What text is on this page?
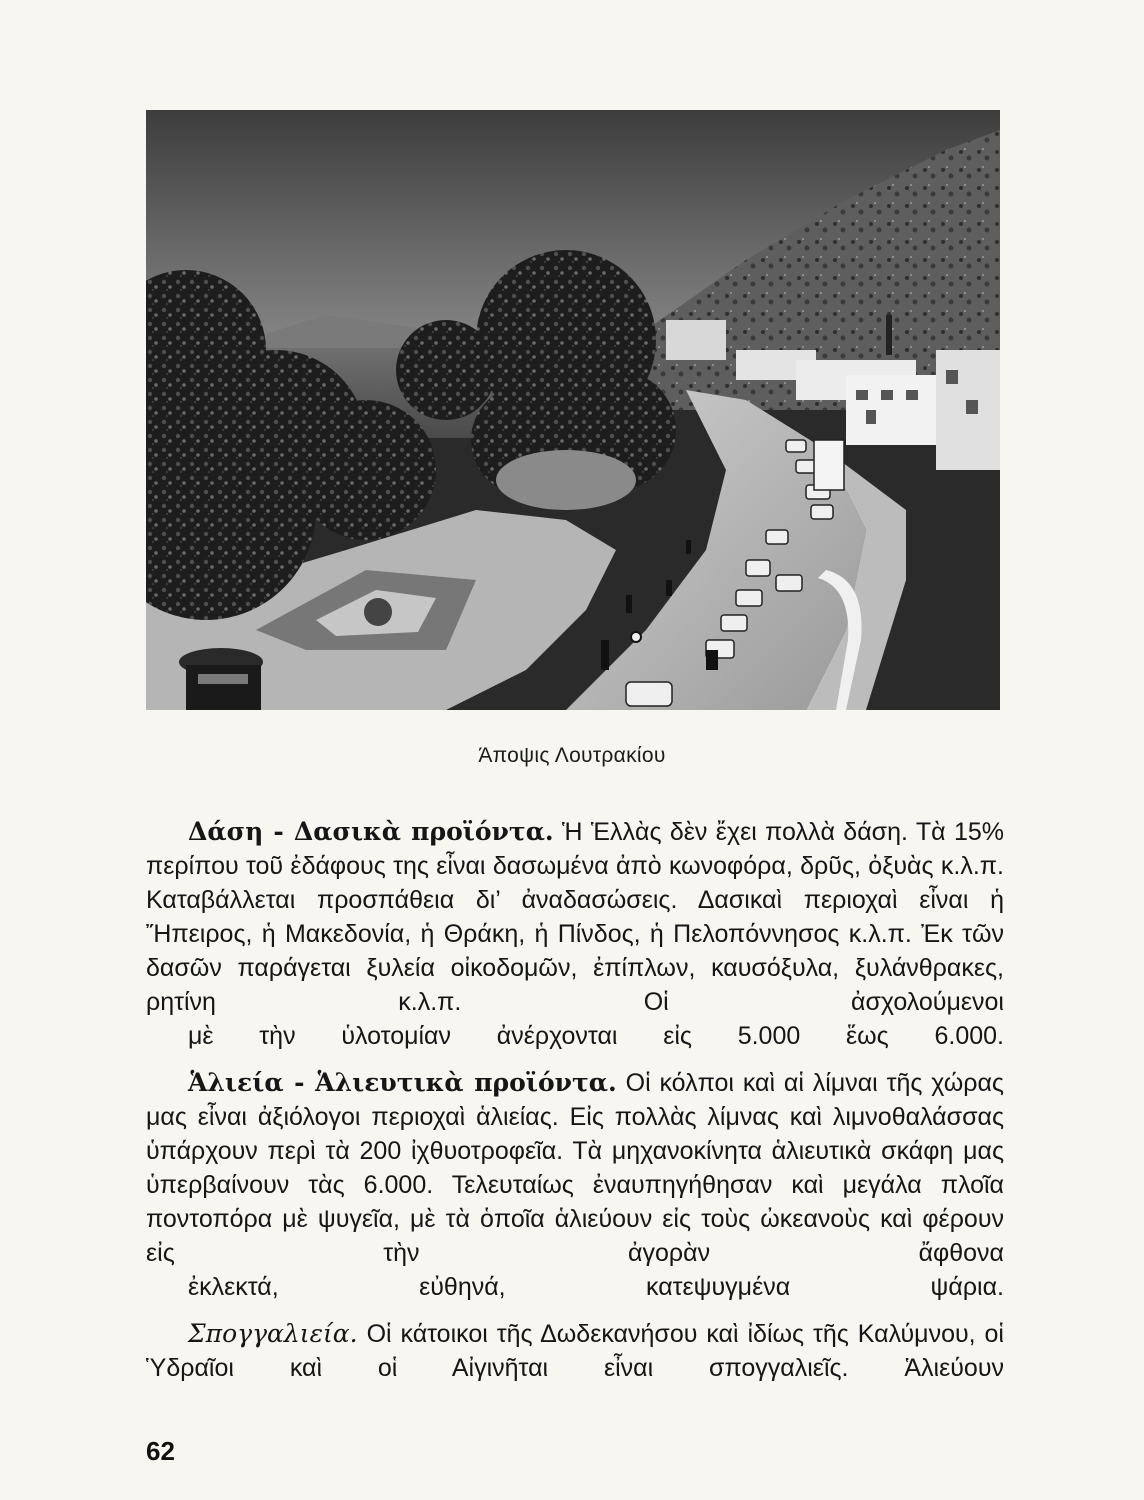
Άποψις Λουτρακίου

Δάση - Δασικὰ προϊόντα. Ἡ Ἑλλὰς δὲν ἔχει πολλὰ δάση. Τὰ 15% περίπου τοῦ ἐδάφους της εἶναι δασωμένα ἀπὸ κωνοφόρα, δρῦς, ὀξυὰς κ.λ.π. Καταβάλλεται προσπάθεια δι’ ἀναδασώσεις. Δασικαὶ περιοχαὶ εἶναι ἡ Ἤπειρος, ἡ Μακεδονία, ἡ Θράκη, ἡ Πίνδος, ἡ Πελοπόννησος κ.λ.π. Ἐκ τῶν δασῶν παράγεται ξυλεία οἰκοδομῶν, ἐπίπλων, καυσόξυλα, ξυλάνθρακες, ρητίνη κ.λ.π. Οἱ ἀσχολούμενοι
μὲ τὴν ὑλοτομίαν ἀνέρχονται εἰς 5.000 ἕως 6.000.

Ἁλιεία - Ἁλιευτικὰ προϊόντα. Οἱ κόλποι καὶ αἱ λίμναι τῆς χώρας μας εἶναι ἀξιόλογοι περιοχαὶ ἁλιείας. Εἰς πολλὰς λίμνας καὶ λιμνοθαλάσσας ὑπάρχουν περὶ τὰ 200 ἰχθυοτροφεῖα. Τὰ μηχανοκίνητα ἁλιευτικὰ σκάφη μας ὑπερβαίνουν τὰς 6.000. Τελευταίως ἐναυπηγήθησαν καὶ μεγάλα πλοῖα ποντοπόρα μὲ ψυγεῖα, μὲ τὰ ὁποῖα ἁλιεύουν εἰς τοὺς ὠκεανοὺς καὶ φέρουν εἰς τὴν ἀγορὰν ἄφθονα
ἐκλεκτά, εὐθηνά, κατεψυγμένα ψάρια.

Σπογγαλιεία. Οἱ κάτοικοι τῆς Δωδεκανήσου καὶ ἰδίως τῆς Καλύμνου, οἱ Ὑδραῖοι καὶ οἱ Αἰγινῆται εἶναι σπογγαλιεῖς. Ἁλιεύουν

62
